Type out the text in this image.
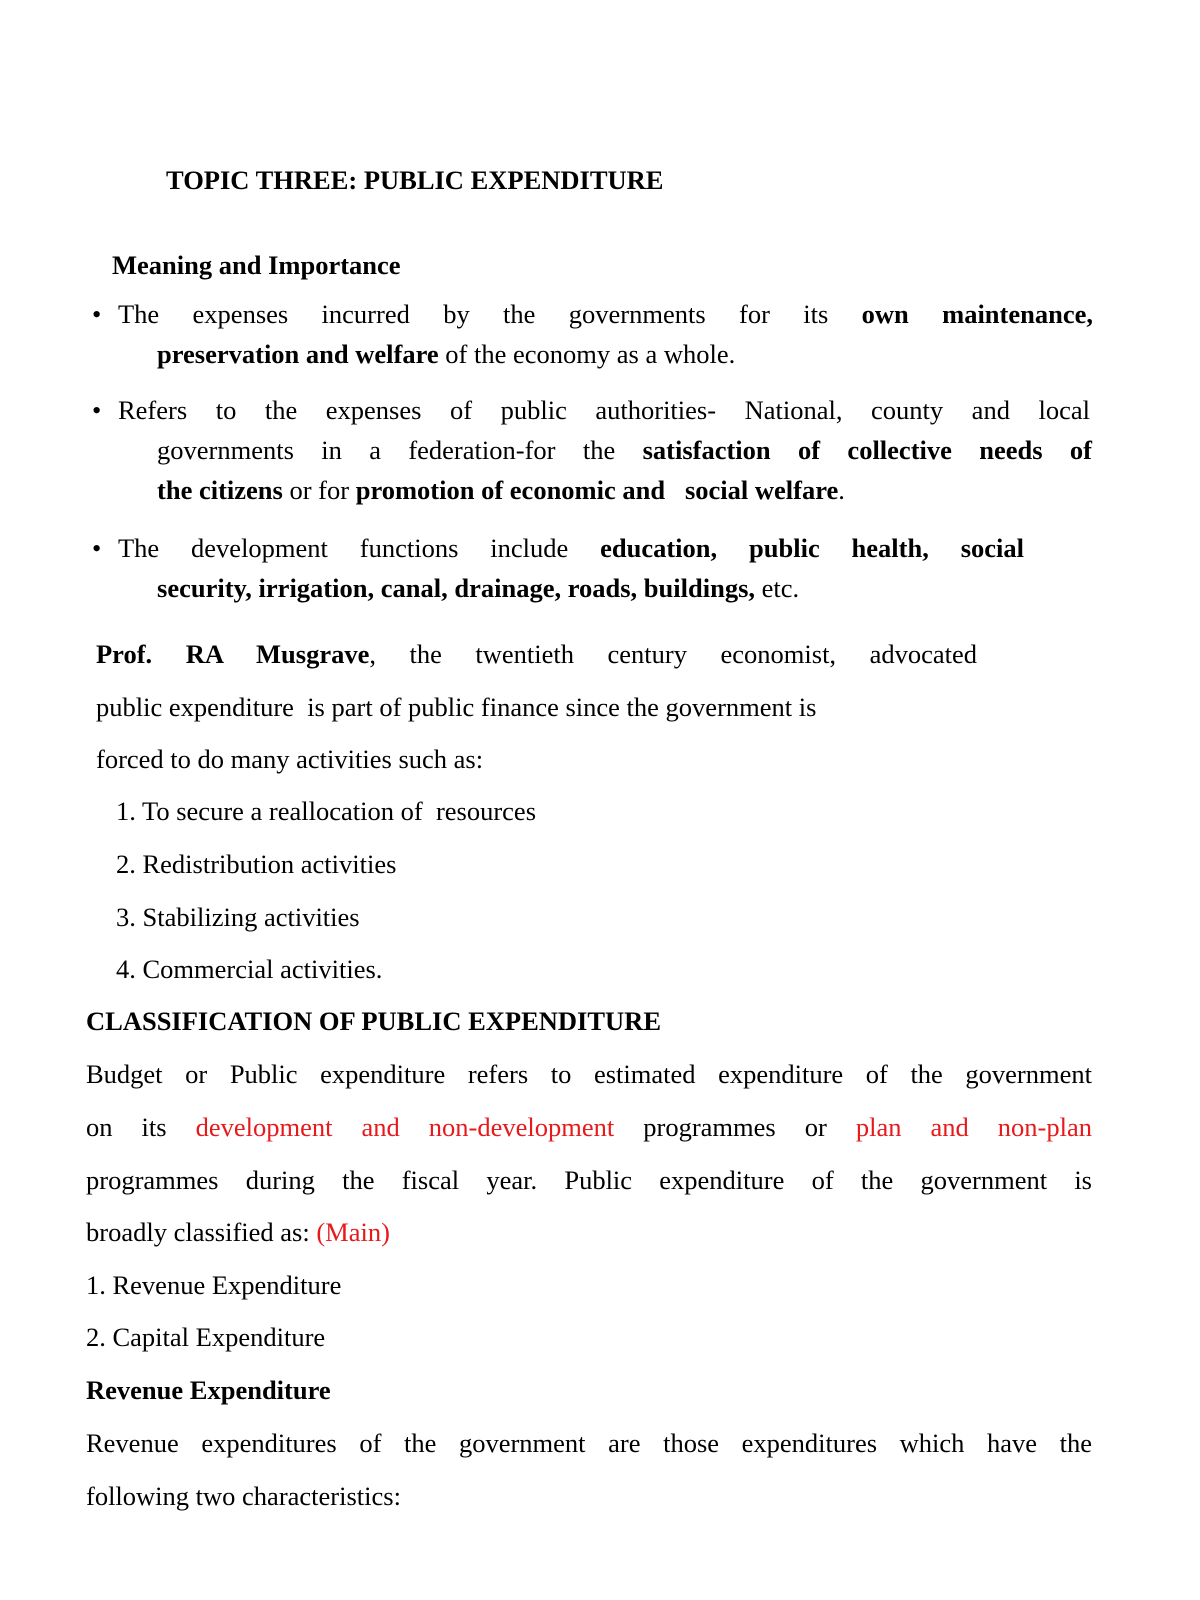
TOPIC THREE: PUBLIC EXPENDITURE
Meaning and Importance
• The expenses incurred by the governments for its own maintenance,
preservation and welfare of the economy as a whole.
• Refers to the expenses of public authorities- National, county and local
governments in a federation-for the satisfaction of collective needs of
the citizens or for promotion of economic and   social welfare.
• The development functions include education, public health, social
security, irrigation, canal, drainage, roads, buildings, etc.
Prof. RA Musgrave, the twentieth century economist, advocated
public expenditure  is part of public finance since the government is
forced to do many activities such as:
1. To secure a reallocation of  resources
2. Redistribution activities
3. Stabilizing activities
4. Commercial activities.
CLASSIFICATION OF PUBLIC EXPENDITURE
Budget or Public expenditure refers to estimated expenditure of the government
on its development and non-development programmes or plan and non-plan
programmes during the fiscal year. Public expenditure of the government is
broadly classified as: (Main)
1. Revenue Expenditure
2. Capital Expenditure
Revenue Expenditure
Revenue expenditures of the government are those expenditures which have the
following two characteristics:
